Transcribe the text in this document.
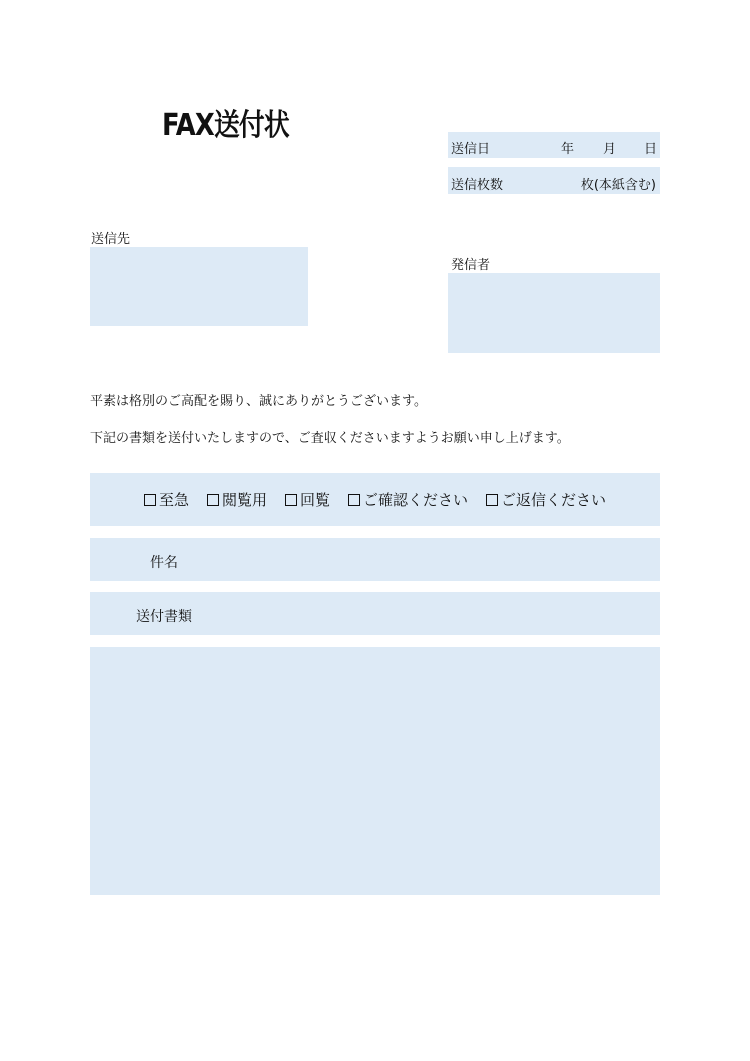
FAX送付状
送信日	年 月 日
送信枚数	枚(本紙含む)
送信先
発信者
平素は格別のご高配を賜り、誠にありがとうございます。
下記の書類を送付いたしますので、ご査収くださいますようお願い申し上げます。
至急 閲覧用 回覧 ご確認ください ご返信ください
件名
送付書類
